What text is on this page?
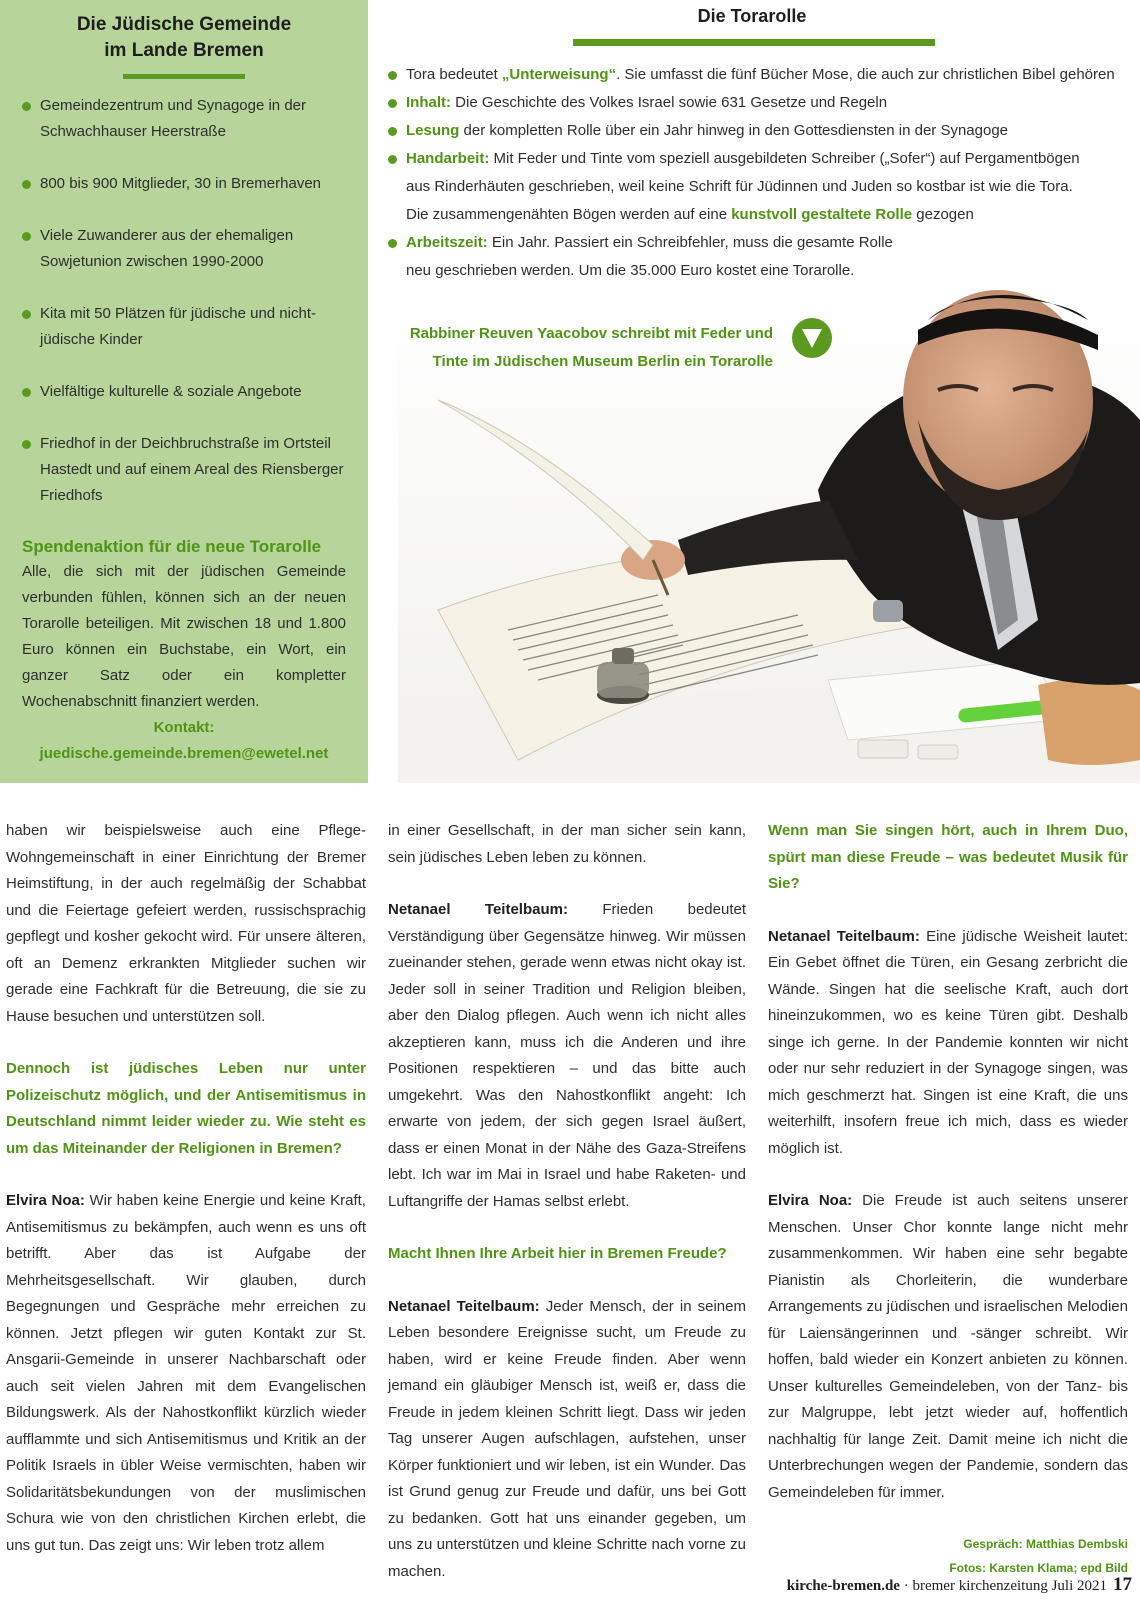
Die Jüdische Gemeinde
im Lande Bremen
Gemeindezentrum und Synagoge in der Schwachhauser Heerstraße
800 bis 900 Mitglieder, 30 in Bremerhaven
Viele Zuwanderer aus der ehemaligen Sowjetunion zwischen 1990-2000
Kita mit 50 Plätzen für jüdische und nichtjüdische Kinder
Vielfältige kulturelle & soziale Angebote
Friedhof in der Deichbruchstraße im Ortsteil Hastedt und auf einem Areal des Riensberger Friedhofs

Spendenaktion für die neue Torarolle

Alle, die sich mit der jüdischen Gemeinde verbunden fühlen, können sich an der neuen Torarolle beteiligen. Mit zwischen 18 und 1.800 Euro können ein Buchstabe, ein Wort, ein ganzer Satz oder ein kompletter Wochenabschnitt finanziert werden.

Kontakt:
juedische.gemeinde.bremen@ewetel.net
Die Torarolle
Tora bedeutet „Unterweisung“. Sie umfasst die fünf Bücher Mose, die auch zur christlichen Bibel gehören
Inhalt: Die Geschichte des Volkes Israel sowie 631 Gesetze und Regeln
Lesung der kompletten Rolle über ein Jahr hinweg in den Gottesdiensten in der Synagoge
Handarbeit: Mit Feder und Tinte vom speziell ausgebildeten Schreiber („Sofer“) auf Pergamentbögen
aus Rinderhäuten geschrieben, weil keine Schrift für Jüdinnen und Juden so kostbar ist wie die Tora.
Die zusammengenähten Bögen werden auf eine kunstvoll gestaltete Rolle gezogen
Arbeitszeit: Ein Jahr. Passiert ein Schreibfehler, muss die gesamte Rolle
neu geschrieben werden. Um die 35.000 Euro kostet eine Torarolle.
Rabbiner Reuven Yaacobov schreibt mit Feder und
Tinte im Jüdischen Museum Berlin ein Torarolle

haben wir beispielsweise auch eine Pflege-Wohngemeinschaft in einer Einrichtung der Bremer Heimstiftung, in der auch regelmäßig der Schabbat und die Feiertage gefeiert werden, russischsprachig gepflegt und kosher gekocht wird. Für unsere älteren, oft an Demenz erkrankten Mitglieder suchen wir gerade eine Fachkraft für die Betreuung, die sie zu Hause besuchen und unterstützen soll.

Dennoch ist jüdisches Leben nur unter Polizeischutz möglich, und der Antisemitismus in Deutschland nimmt leider wieder zu. Wie steht es um das Miteinander der Religionen in Bremen?

Elvira Noa: Wir haben keine Energie und keine Kraft, Antisemitismus zu bekämpfen, auch wenn es uns oft betrifft. Aber das ist Aufgabe der Mehrheitsgesellschaft. Wir glauben, durch Begegnungen und Gespräche mehr erreichen zu können. Jetzt pflegen wir guten Kontakt zur St. Ansgarii-Gemeinde in unserer Nachbarschaft oder auch seit vielen Jahren mit dem Evangelischen Bildungswerk. Als der Nahostkonflikt kürzlich wieder aufflammte und sich Antisemitismus und Kritik an der Politik Israels in übler Weise vermischten, haben wir Solidaritätsbekundungen von der muslimischen Schura wie von den christlichen Kirchen erlebt, die uns gut tun. Das zeigt uns: Wir leben trotz allem

in einer Gesellschaft, in der man sicher sein kann, sein jüdisches Leben leben zu können.

Netanael Teitelbaum: Frieden bedeutet Verständigung über Gegensätze hinweg. Wir müssen zueinander stehen, gerade wenn etwas nicht okay ist. Jeder soll in seiner Tradition und Religion bleiben, aber den Dialog pflegen. Auch wenn ich nicht alles akzeptieren kann, muss ich die Anderen und ihre Positionen respektieren – und das bitte auch umgekehrt. Was den Nahostkonflikt angeht: Ich erwarte von jedem, der sich gegen Israel äußert, dass er einen Monat in der Nähe des Gaza-Streifens lebt. Ich war im Mai in Israel und habe Raketen- und Luftangriffe der Hamas selbst erlebt.

Macht Ihnen Ihre Arbeit hier in Bremen Freude?

Netanael Teitelbaum: Jeder Mensch, der in seinem Leben besondere Ereignisse sucht, um Freude zu haben, wird er keine Freude finden. Aber wenn jemand ein gläubiger Mensch ist, weiß er, dass die Freude in jedem kleinen Schritt liegt. Dass wir jeden Tag unserer Augen aufschlagen, aufstehen, unser Körper funktioniert und wir leben, ist ein Wunder. Das ist Grund genug zur Freude und dafür, uns bei Gott zu bedanken. Gott hat uns einander gegeben, um uns zu unterstützen und kleine Schritte nach vorne zu machen.

Wenn man Sie singen hört, auch in Ihrem Duo, spürt man diese Freude – was bedeutet Musik für Sie?

Netanael Teitelbaum: Eine jüdische Weisheit lautet: Ein Gebet öffnet die Türen, ein Gesang zerbricht die Wände. Singen hat die seelische Kraft, auch dort hineinzukommen, wo es keine Türen gibt. Deshalb singe ich gerne. In der Pandemie konnten wir nicht oder nur sehr reduziert in der Synagoge singen, was mich geschmerzt hat. Singen ist eine Kraft, die uns weiterhilft, insofern freue ich mich, dass es wieder möglich ist.

Elvira Noa: Die Freude ist auch seitens unserer Menschen. Unser Chor konnte lange nicht mehr zusammenkommen. Wir haben eine sehr begabte Pianistin als Chorleiterin, die wunderbare Arrangements zu jüdischen und israelischen Melodien für Laiensängerinnen und -sänger schreibt. Wir hoffen, bald wieder ein Konzert anbieten zu können. Unser kulturelles Gemeindeleben, von der Tanz- bis zur Malgruppe, lebt jetzt wieder auf, hoffentlich nachhaltig für lange Zeit. Damit meine ich nicht die Unterbrechungen wegen der Pandemie, sondern das Gemeindeleben für immer.

Gespräch: Matthias Dembski
Fotos: Karsten Klama; epd Bild
kirche-bremen.de · bremer kirchenzeitung Juli 2021 17
